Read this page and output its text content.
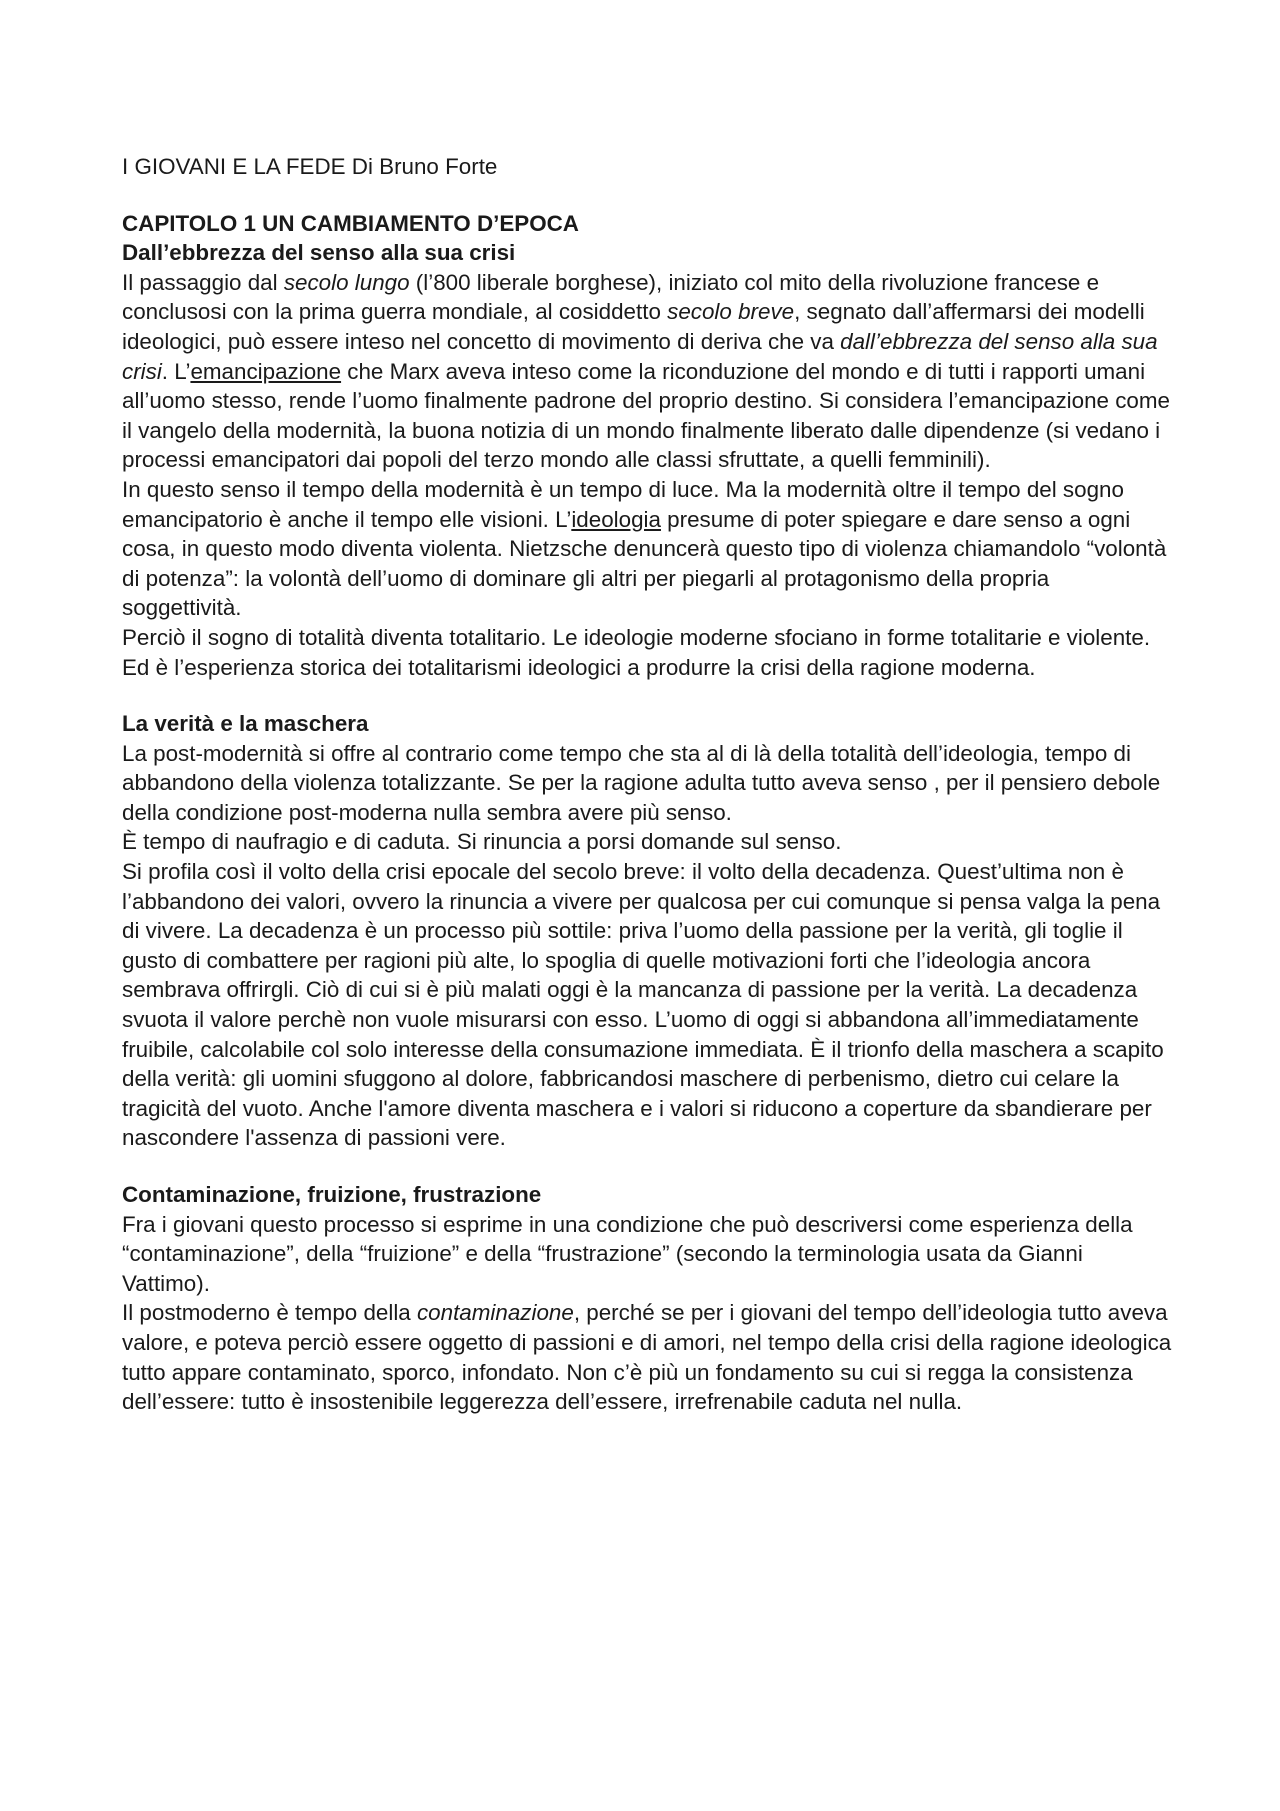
I GIOVANI E LA FEDE Di Bruno Forte
CAPITOLO 1 UN CAMBIAMENTO D’EPOCA
Dall’ebbrezza del senso alla sua crisi

Il passaggio dal secolo lungo (l’800 liberale borghese), iniziato col mito della rivoluzione francese e conclusosi con la prima guerra mondiale, al cosiddetto secolo breve, segnato dall’affermarsi dei modelli ideologici, può essere inteso nel concetto di movimento di deriva che va dall’ebbrezza del senso alla sua crisi. L’emancipazione che Marx aveva inteso come la riconduzione del mondo e di tutti i rapporti umani all’uomo stesso, rende l’uomo finalmente padrone del proprio destino. Si considera l’emancipazione come il vangelo della modernità, la buona notizia di un mondo finalmente liberato dalle dipendenze (si vedano i processi emancipatori dai popoli del terzo mondo alle classi sfruttate, a quelli femminili).

In questo senso il tempo della modernità è un tempo di luce. Ma la modernità oltre il tempo del sogno emancipatorio è anche il tempo elle visioni. L’ideologia presume di poter spiegare e dare senso a ogni cosa, in questo modo diventa violenta. Nietzsche denuncerà questo tipo di violenza chiamandolo “volontà di potenza”: la volontà dell’uomo di dominare gli altri per piegarli al protagonismo della propria soggettività.

Perciò il sogno di totalità diventa totalitario. Le ideologie moderne sfociano in forme totalitarie e violente.

Ed è l’esperienza storica dei totalitarismi ideologici a produrre la crisi della ragione moderna.

La verità e la maschera

La post-modernità si offre al contrario come tempo che sta al di là della totalità dell’ideologia, tempo di abbandono della violenza totalizzante. Se per la ragione adulta tutto aveva senso , per il pensiero debole della condizione post-moderna nulla sembra avere più senso.

È tempo di naufragio e di caduta. Si rinuncia a porsi domande sul senso.

Si profila così il volto della crisi epocale del secolo breve: il volto della decadenza. Quest’ultima non è l’abbandono dei valori, ovvero la rinuncia a vivere per qualcosa per cui comunque si pensa valga la pena di vivere. La decadenza è un processo più sottile: priva l’uomo della passione per la verità, gli toglie il gusto di combattere per ragioni più alte, lo spoglia di quelle motivazioni forti che l’ideologia ancora sembrava offrirgli. Ciò di cui si è più malati oggi è la mancanza di passione per la verità. La decadenza svuota il valore perchè non vuole misurarsi con esso. L’uomo di oggi si abbandona all’immediatamente fruibile, calcolabile col solo interesse della consumazione immediata. È il trionfo della maschera a scapito della verità: gli uomini sfuggono al dolore, fabbricandosi maschere di perbenismo, dietro cui celare la tragicità del vuoto. Anche l'amore diventa maschera e i valori si riducono a coperture da sbandierare per nascondere l'assenza di passioni vere.

Contaminazione, fruizione, frustrazione

Fra i giovani questo processo si esprime in una condizione che può descriversi come esperienza della “contaminazione”, della “fruizione” e della “frustrazione” (secondo la terminologia usata da Gianni Vattimo).

Il postmoderno è tempo della contaminazione, perché se per i giovani del tempo dell’ideologia tutto aveva valore, e poteva perciò essere oggetto di passioni e di amori, nel tempo della crisi della ragione ideologica tutto appare contaminato, sporco, infondato. Non c’è più un fondamento su cui si regga la consistenza dell’essere: tutto è insostenibile leggerezza dell’essere, irrefrenabile caduta nel nulla.
